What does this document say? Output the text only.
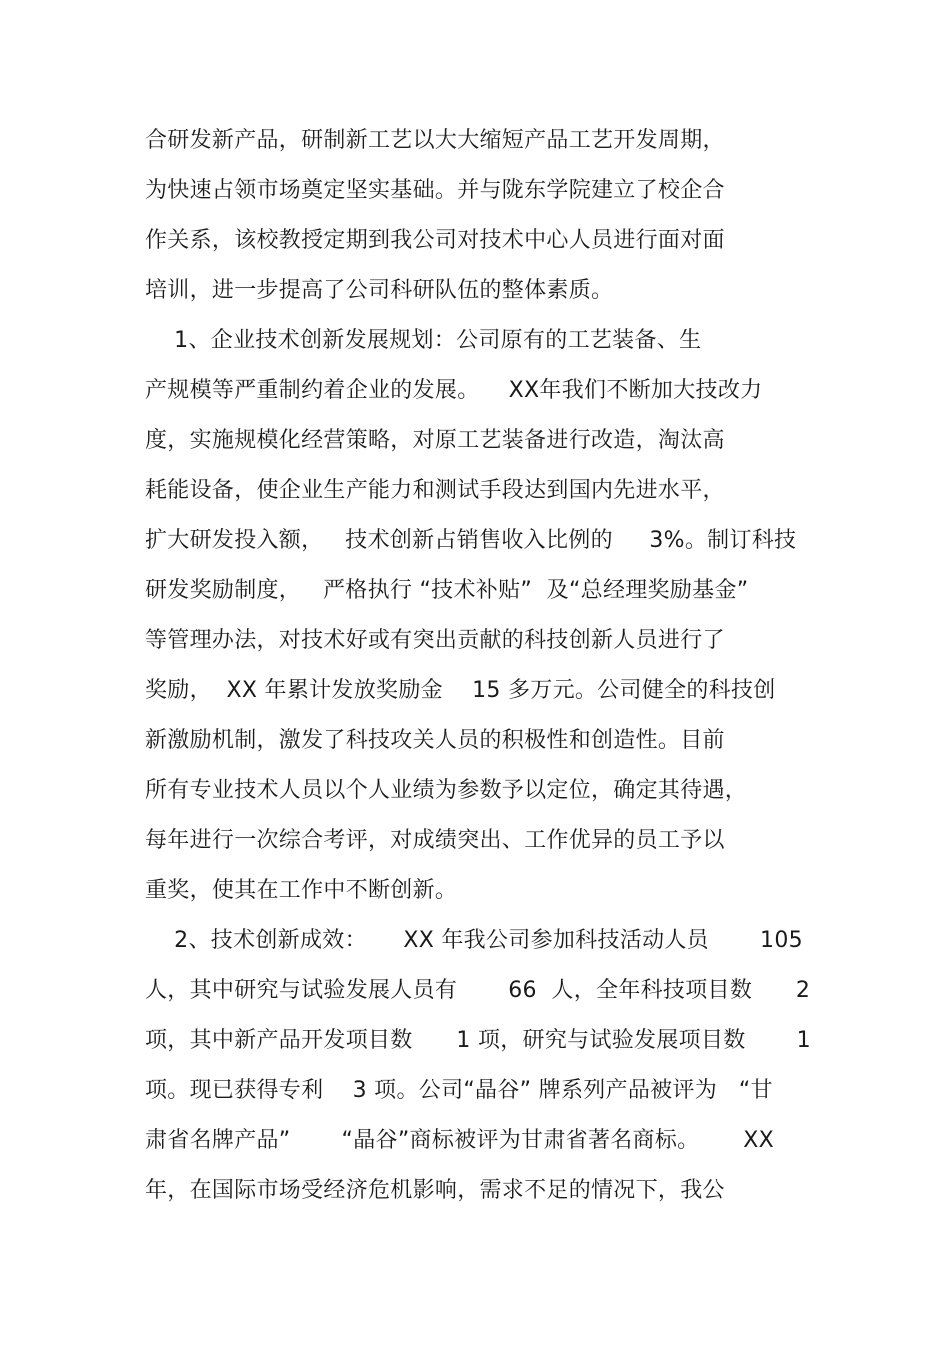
合研发新产品，研制新工艺以大大缩短产品工艺开发周期，

为快速占领市场奠定坚实基础。并与陇东学院建立了校企合

作关系，该校教授定期到我公司对技术中心人员进行面对面

培训，进一步提高了公司科研队伍的整体素质。

1、企业技术创新发展规划：公司原有的工艺装备、生

产规模等严重制约着企业的发展。    XX年我们不断加大技改力

度，实施规模化经营策略，对原工艺装备进行改造，淘汰高

耗能设备，使企业生产能力和测试手段达到国内先进水平，

扩大研发投入额，   技术创新占销售收入比例的     3%。制订科技

研发奖励制度，   严格执行 “技术补贴”  及“总经理奖励基金”

等管理办法，对技术好或有突出贡献的科技创新人员进行了

奖励，  XX 年累计发放奖励金    15 多万元。公司健全的科技创

新激励机制，激发了科技攻关人员的积极性和创造性。目前

所有专业技术人员以个人业绩为参数予以定位，确定其待遇，

每年进行一次综合考评，对成绩突出、工作优异的员工予以

重奖，使其在工作中不断创新。

2、技术创新成效：     XX 年我公司参加科技活动人员       105

人，其中研究与试验发展人员有       66  人，全年科技项目数      2

项，其中新产品开发项目数      1 项，研究与试验发展项目数       1

项。现已获得专利    3 项。公司“晶谷” 牌系列产品被评为   “甘

肃省名牌产品”       “晶谷”商标被评为甘肃省著名商标。      XX

年，在国际市场受经济危机影响，需求不足的情况下，我公
